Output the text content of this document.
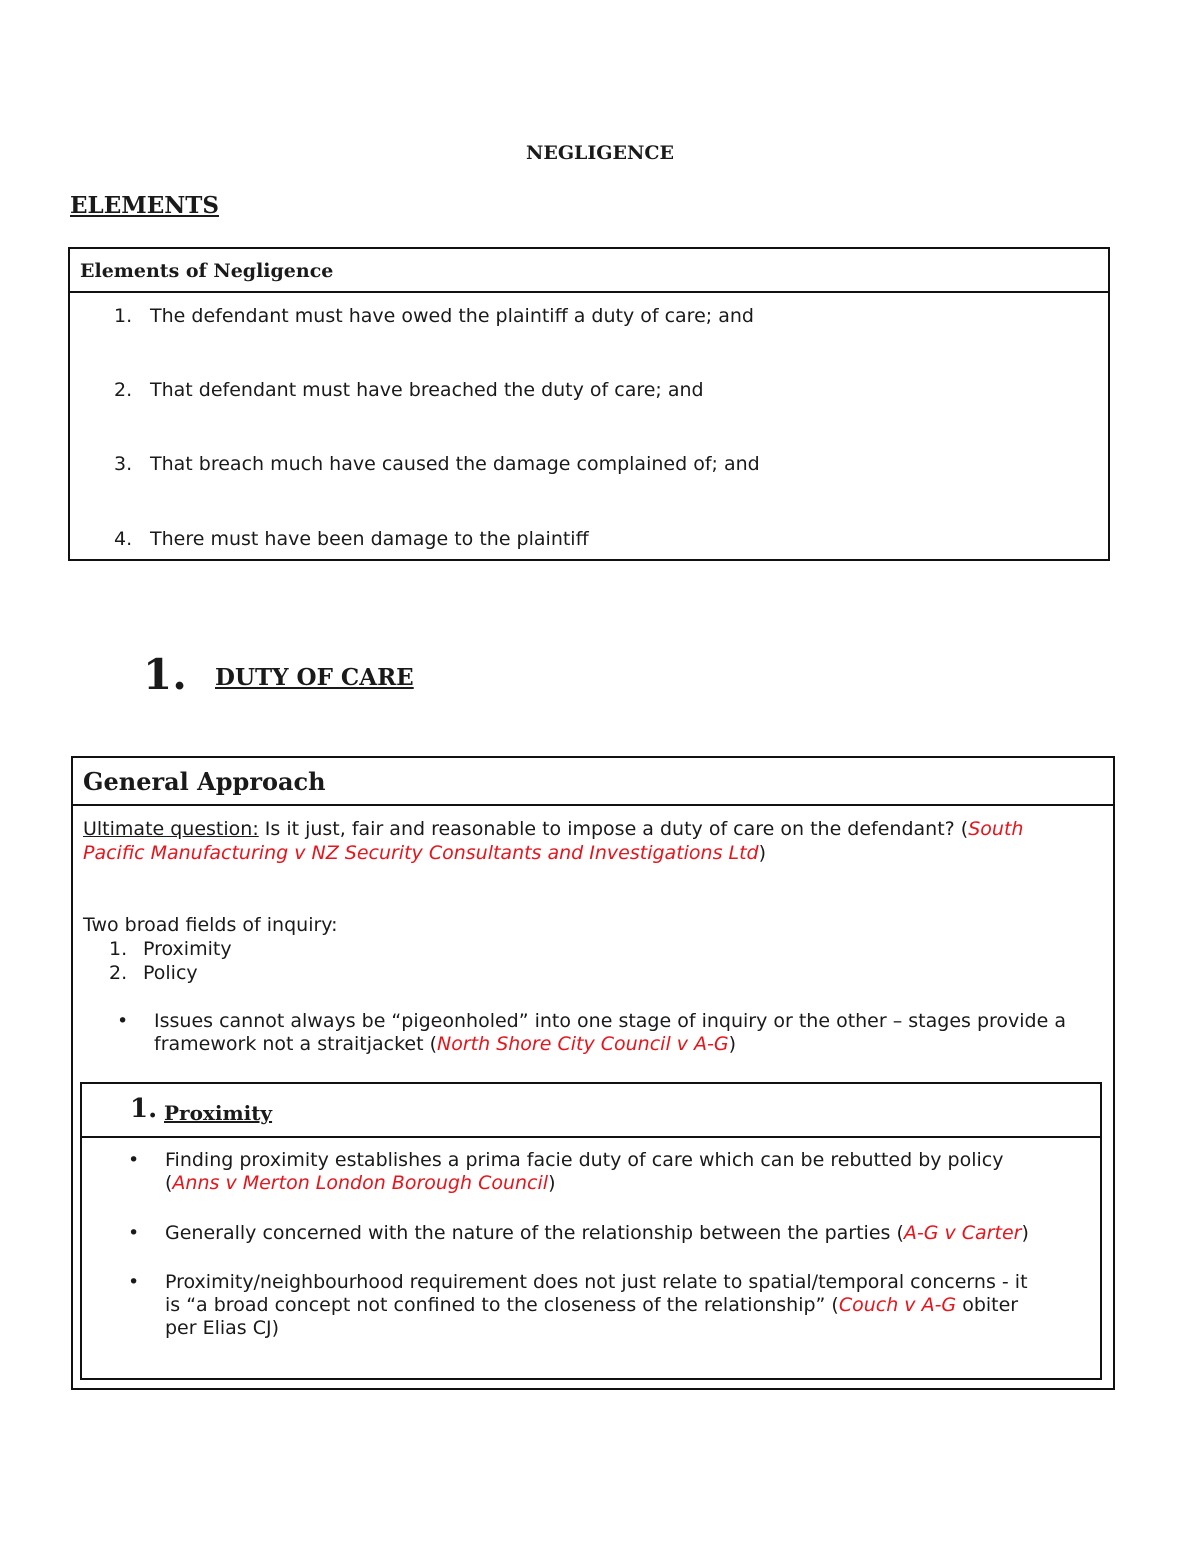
NEGLIGENCE
ELEMENTS
Elements of Negligence
1. The defendant must have owed the plaintiff a duty of care; and
2. That defendant must have breached the duty of care; and
3. That breach much have caused the damage complained of; and
4. There must have been damage to the plaintiff
1. DUTY OF CARE
General Approach
Ultimate question: Is it just, fair and reasonable to impose a duty of care on the defendant? (South
Pacific Manufacturing v NZ Security Consultants and Investigations Ltd)
Two broad fields of inquiry:
1. Proximity
2. Policy
• Issues cannot always be “pigeonholed” into one stage of inquiry or the other – stages provide a
framework not a straitjacket (North Shore City Council v A-G)
1. Proximity
• Finding proximity establishes a prima facie duty of care which can be rebutted by policy
(Anns v Merton London Borough Council)
• Generally concerned with the nature of the relationship between the parties (A-G v Carter)
• Proximity/neighbourhood requirement does not just relate to spatial/temporal concerns - it
is “a broad concept not confined to the closeness of the relationship” (Couch v A-G obiter
per Elias CJ)
